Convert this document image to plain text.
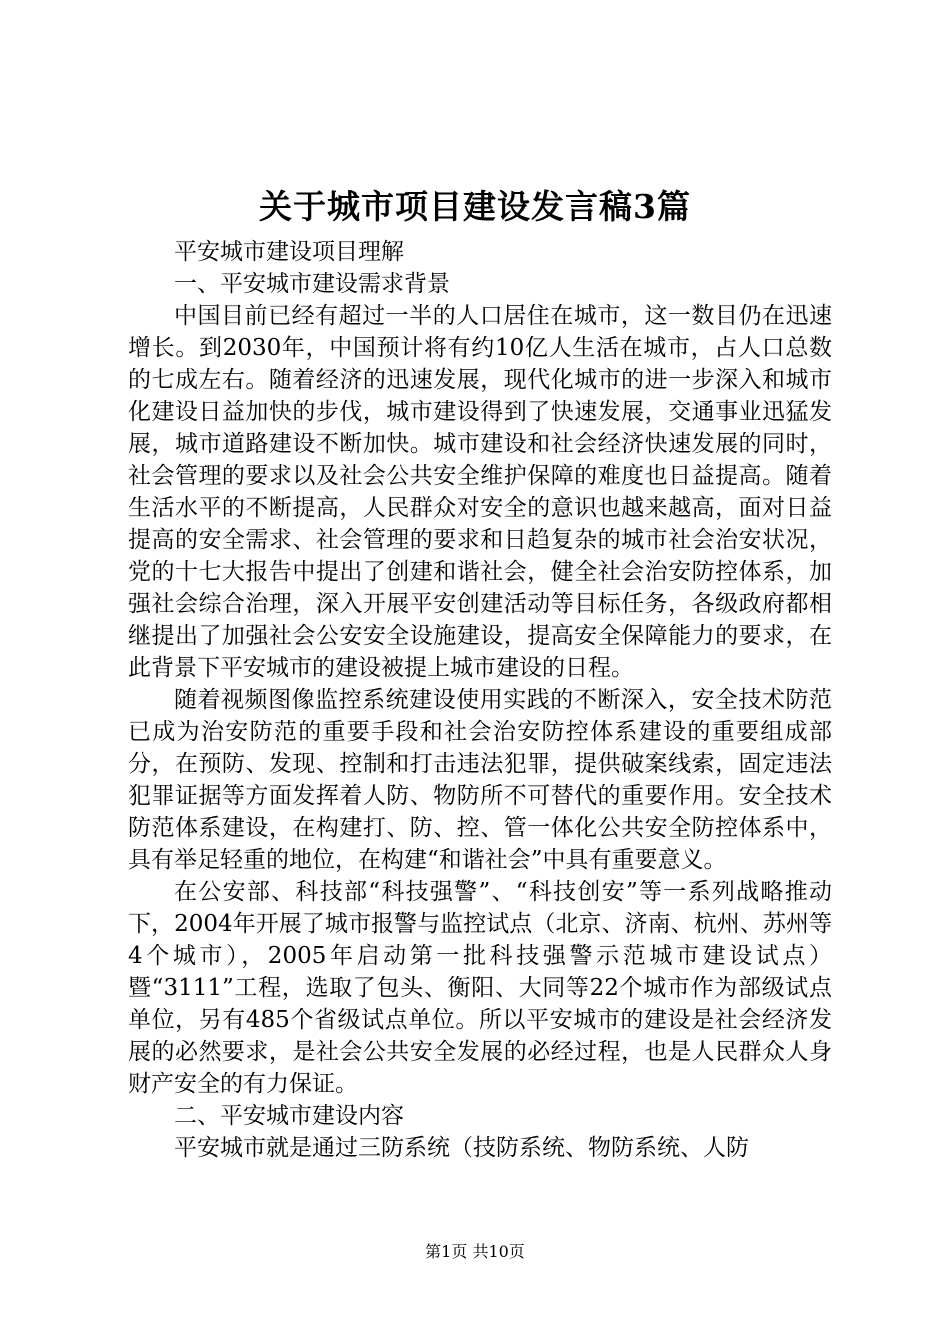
关于城市项目建设发言稿3篇

平安城市建设项目理解

一、平安城市建设需求背景

中国目前已经有超过一半的人口居住在城市，这一数目仍在迅速增长。到2030年，中国预计将有约10亿人生活在城市，占人口总数的七成左右。随着经济的迅速发展，现代化城市的进一步深入和城市化建设日益加快的步伐，城市建设得到了快速发展，交通事业迅猛发展，城市道路建设不断加快。城市建设和社会经济快速发展的同时，社会管理的要求以及社会公共安全维护保障的难度也日益提高。随着生活水平的不断提高，人民群众对安全的意识也越来越高，面对日益提高的安全需求、社会管理的要求和日趋复杂的城市社会治安状况，党的十七大报告中提出了创建和谐社会，健全社会治安防控体系，加强社会综合治理，深入开展平安创建活动等目标任务，各级政府都相继提出了加强社会公安安全设施建设，提高安全保障能力的要求，在此背景下平安城市的建设被提上城市建设的日程。

随着视频图像监控系统建设使用实践的不断深入，安全技术防范已成为治安防范的重要手段和社会治安防控体系建设的重要组成部分，在预防、发现、控制和打击违法犯罪，提供破案线索，固定违法犯罪证据等方面发挥着人防、物防所不可替代的重要作用。安全技术防范体系建设，在构建打、防、控、管一体化公共安全防控体系中，具有举足轻重的地位，在构建“和谐社会”中具有重要意义。

在公安部、科技部“科技强警”、“科技创安”等一系列战略推动下，2004年开展了城市报警与监控试点（北京、济南、杭州、苏州等4个城市），2005年启动第一批科技强警示范城市建设试点）暨“3111”工程，选取了包头、衡阳、大同等22个城市作为部级试点单位，另有485个省级试点单位。所以平安城市的建设是社会经济发展的必然要求，是社会公共安全发展的必经过程，也是人民群众人身财产安全的有力保证。

二、平安城市建设内容

平安城市就是通过三防系统（技防系统、物防系统、人防

第1页 共10页
